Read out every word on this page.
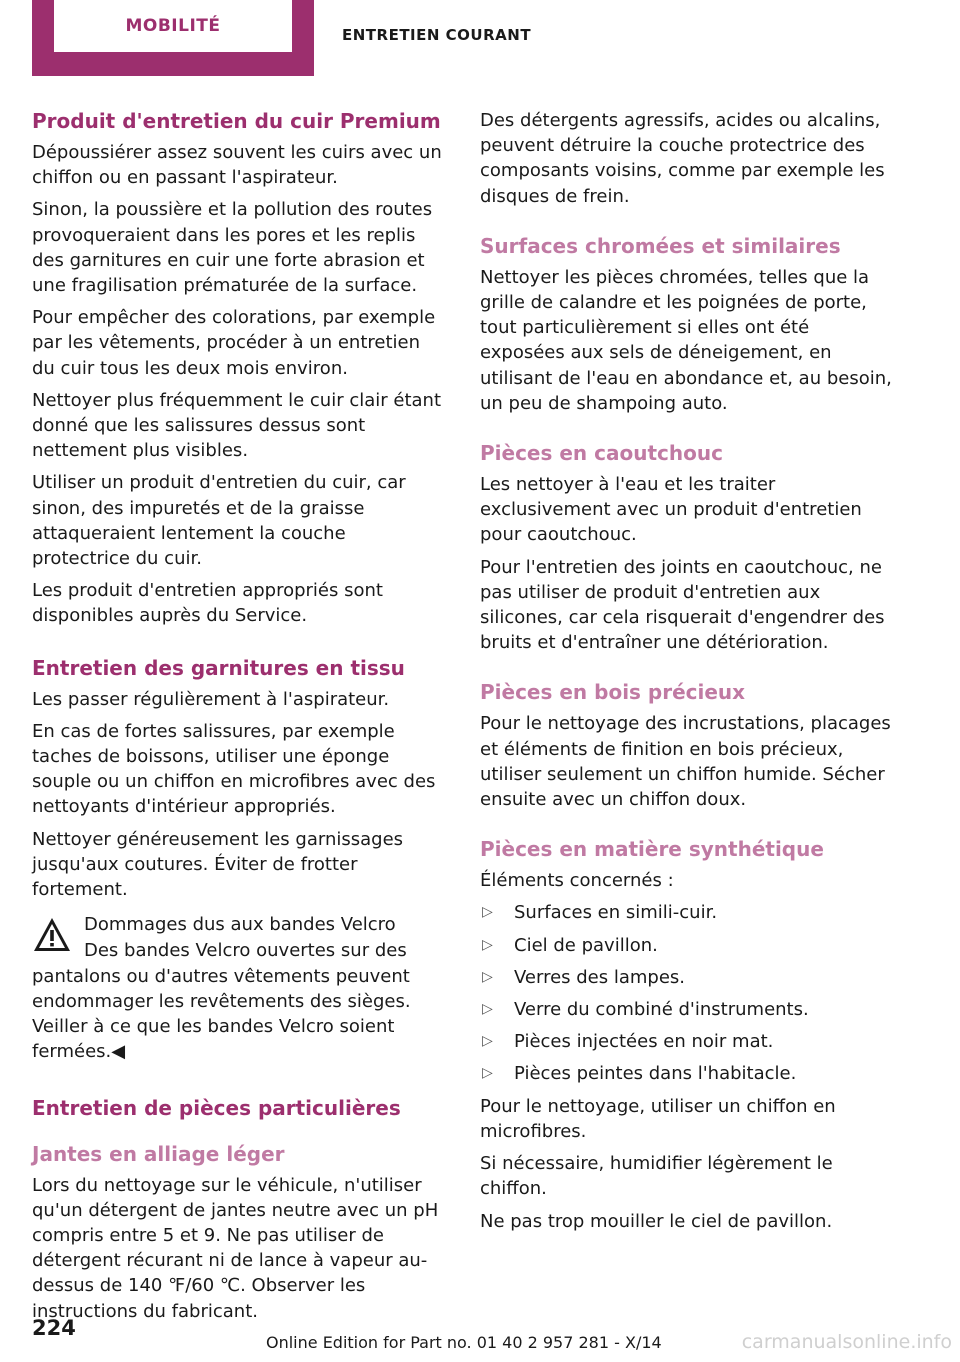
MOBILITÉ	ENTRETIEN COURANT
Produit d'entretien du cuir Premium

Dépoussiérer assez souvent les cuirs avec un chiffon ou en passant l'aspirateur.

Sinon, la poussière et la pollution des routes provoqueraient dans les pores et les replis des garnitures en cuir une forte abrasion et une fragilisation prématurée de la surface.

Pour empêcher des colorations, par exemple par les vêtements, procéder à un entretien du cuir tous les deux mois environ.

Nettoyer plus fréquemment le cuir clair étant donné que les salissures dessus sont nettement plus visibles.

Utiliser un produit d'entretien du cuir, car sinon, des impuretés et de la graisse attaqueraient lentement la couche protectrice du cuir.

Les produit d'entretien appropriés sont disponibles auprès du Service.

Entretien des garnitures en tissu

Les passer régulièrement à l'aspirateur.

En cas de fortes salissures, par exemple taches de boissons, utiliser une éponge souple ou un chiffon en microfibres avec des nettoyants d'intérieur appropriés.

Nettoyer généreusement les garnissages jusqu'aux coutures. Éviter de frotter fortement.

Dommages dus aux bandes Velcro

Des bandes Velcro ouvertes sur des pantalons ou d'autres vêtements peuvent endommager les revêtements des sièges. Veiller à ce que les bandes Velcro soient fermées.◀

Entretien de pièces particulières
Jantes en alliage léger

Lors du nettoyage sur le véhicule, n'utiliser qu'un détergent de jantes neutre avec un pH compris entre 5 et 9. Ne pas utiliser de détergent récurant ni de lance à vapeur au-dessus de 140 ℉/60 ℃. Observer les instructions du fabricant.

Des détergents agressifs, acides ou alcalins, peuvent détruire la couche protectrice des composants voisins, comme par exemple les disques de frein.

Surfaces chromées et similaires

Nettoyer les pièces chromées, telles que la grille de calandre et les poignées de porte, tout particulièrement si elles ont été exposées aux sels de déneigement, en utilisant de l'eau en abondance et, au besoin, un peu de shampoing auto.

Pièces en caoutchouc

Les nettoyer à l'eau et les traiter exclusivement avec un produit d'entretien pour caoutchouc.

Pour l'entretien des joints en caoutchouc, ne pas utiliser de produit d'entretien aux silicones, car cela risquerait d'engendrer des bruits et d'entraîner une détérioration.

Pièces en bois précieux

Pour le nettoyage des incrustations, placages et éléments de finition en bois précieux, utiliser seulement un chiffon humide. Sécher ensuite avec un chiffon doux.

Pièces en matière synthétique

Éléments concernés :

▷ Surfaces en simili-cuir.
▷ Ciel de pavillon.
▷ Verres des lampes.
▷ Verre du combiné d'instruments.
▷ Pièces injectées en noir mat.
▷ Pièces peintes dans l'habitacle.

Pour le nettoyage, utiliser un chiffon en microfibres.

Si nécessaire, humidifier légèrement le chiffon.

Ne pas trop mouiller le ciel de pavillon.

224
Online Edition for Part no. 01 40 2 957 281 - X/14	carmanualsonline.info
